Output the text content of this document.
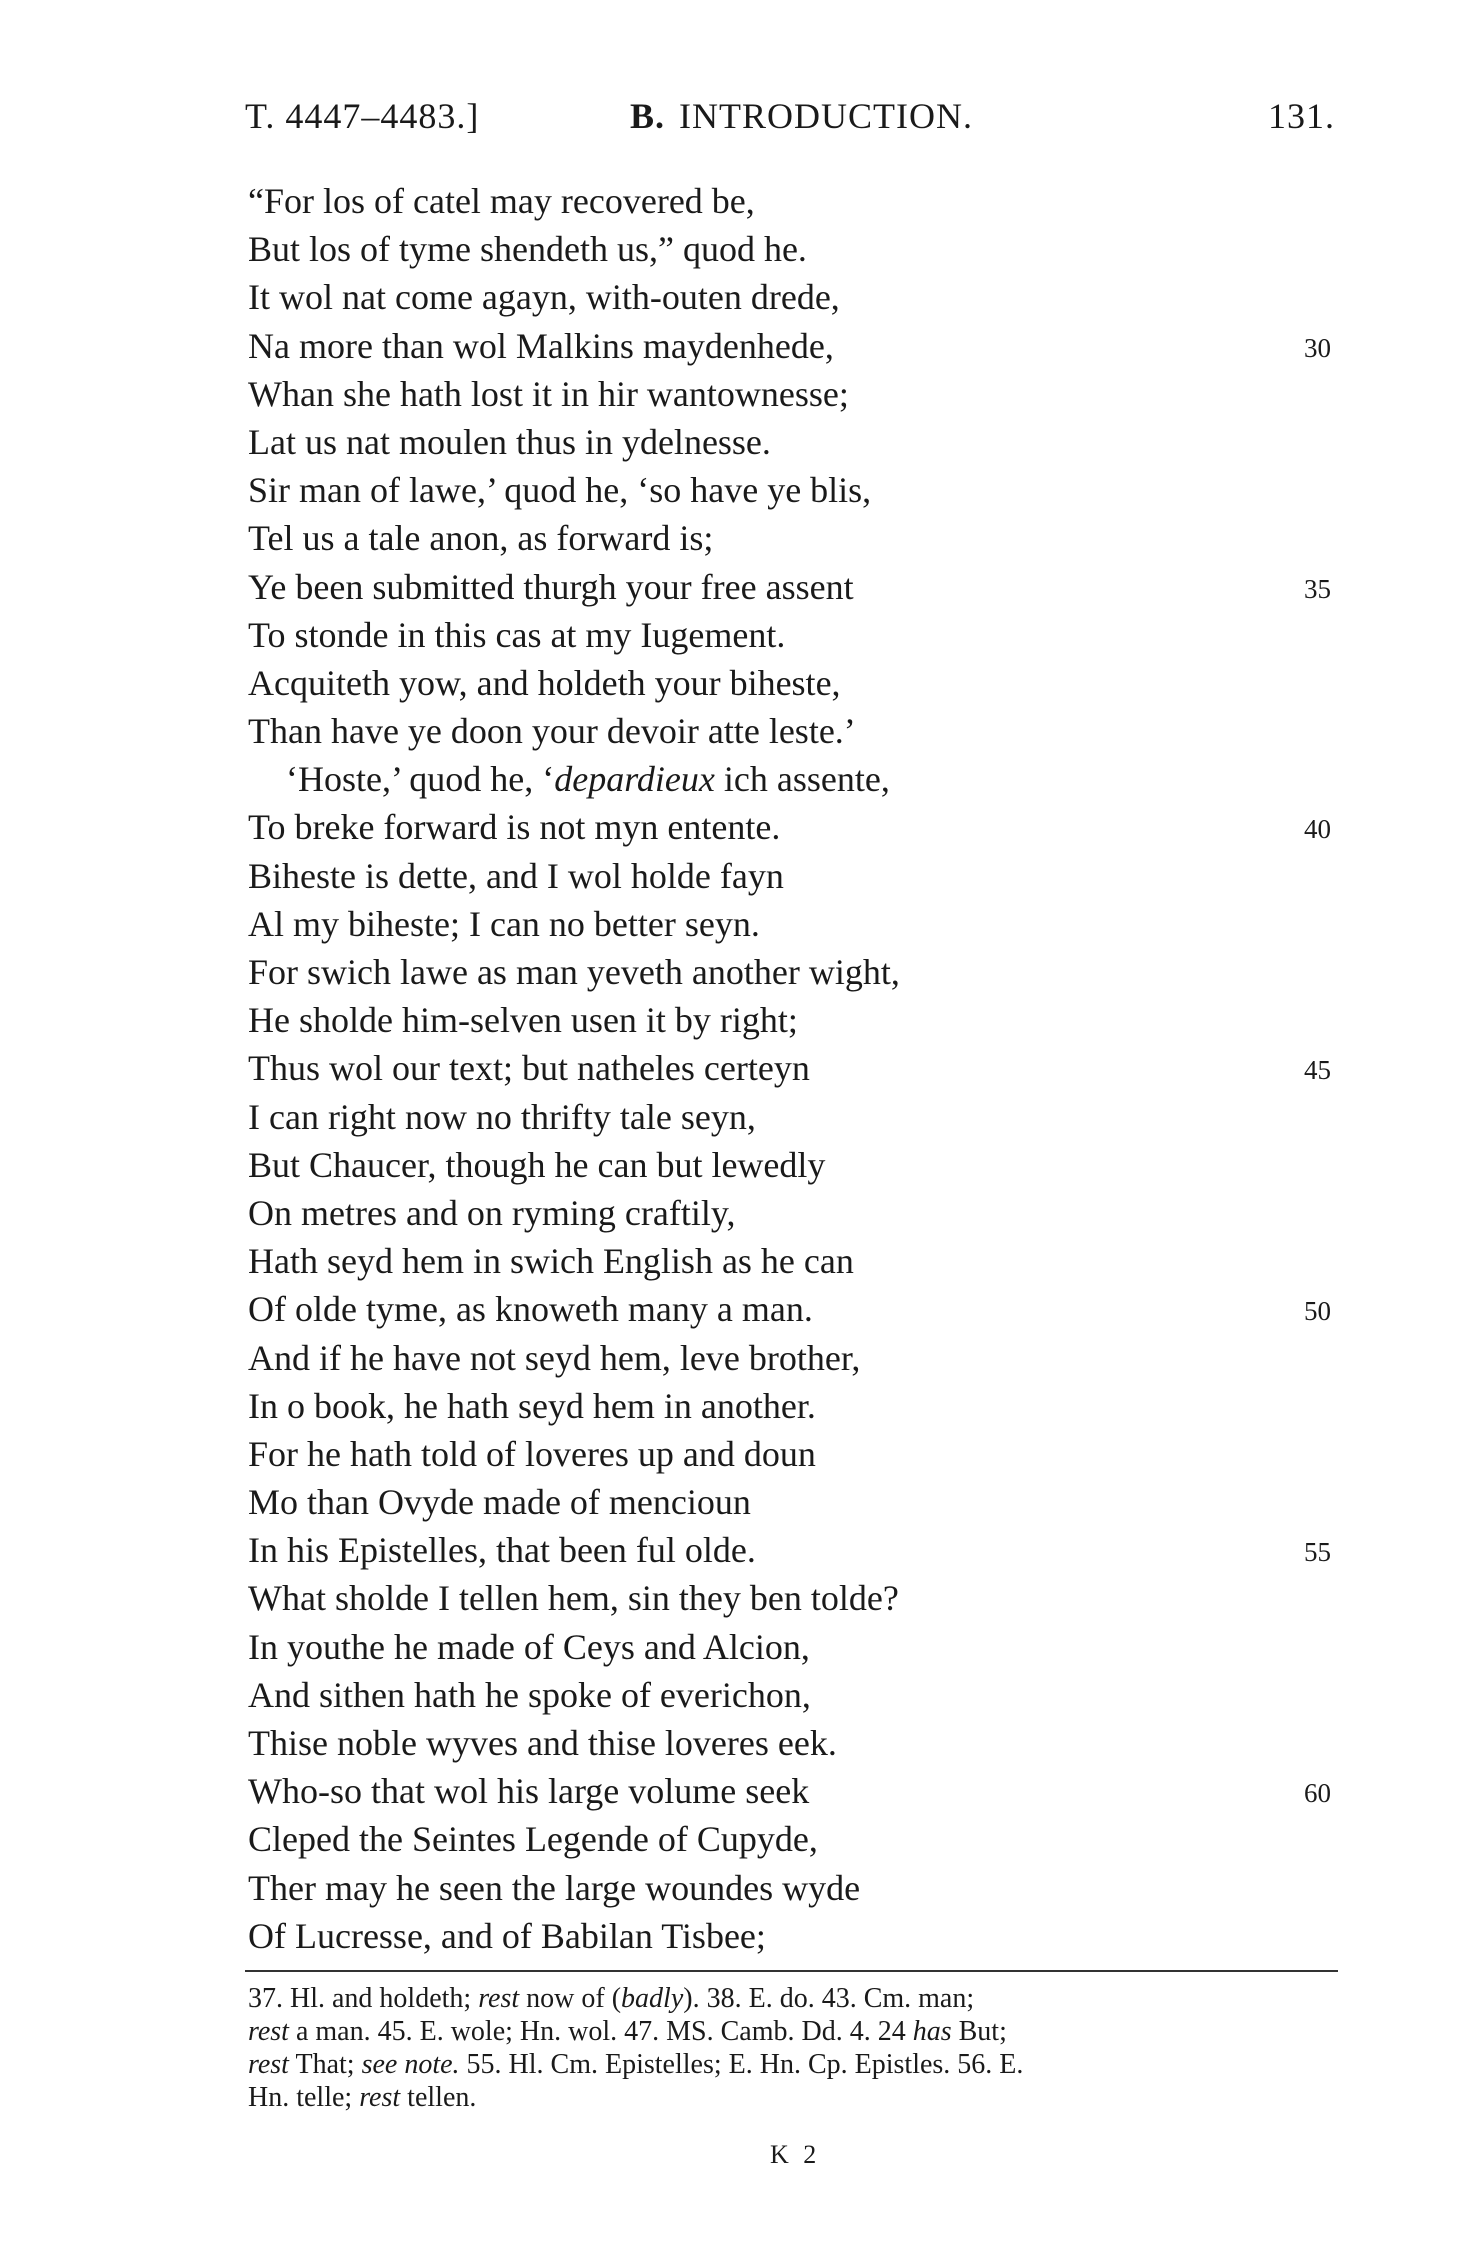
T. 4447–4483.]	B. INTRODUCTION.	131.
“For los of catel may recovered be,
But los of tyme shendeth us,” quod he.
It wol nat come agayn, with-outen drede,
Na more than wol Malkins maydenhede,	30
Whan she hath lost it in hir wantownesse;
Lat us nat moulen thus in ydelnesse.
Sir man of lawe,’ quod he, ‘so have ye blis,
Tel us a tale anon, as forward is;
Ye been submitted thurgh your free assent	35
To stonde in this cas at my Iugement.
Acquiteth yow, and holdeth your biheste,
Than have ye doon your devoir atte leste.’
‘Hoste,’ quod he, ‘depardieux ich assente,
To breke forward is not myn entente.	40
Biheste is dette, and I wol holde fayn
Al my biheste; I can no better seyn.
For swich lawe as man yeveth another wight,
He sholde him-selven usen it by right;
Thus wol our text; but natheles certeyn	45
I can right now no thrifty tale seyn,
But Chaucer, though he can but lewedly
On metres and on ryming craftily,
Hath seyd hem in swich English as he can
Of olde tyme, as knoweth many a man.	50
And if he have not seyd hem, leve brother,
In o book, he hath seyd hem in another.
For he hath told of loveres up and doun
Mo than Ovyde made of mencioun
In his Epistelles, that been ful olde.	55
What sholde I tellen hem, sin they ben tolde?
In youthe he made of Ceys and Alcion,
And sithen hath he spoke of everichon,
Thise noble wyves and thise loveres eek.
Who-so that wol his large volume seek	60
Cleped the Seintes Legende of Cupyde,
Ther may he seen the large woundes wyde
Of Lucresse, and of Babilan Tisbee;

37. Hl. and holdeth; rest now of (badly). 38. E. do. 43. Cm. man;

rest a man. 45. E. wole; Hn. wol. 47. MS. Camb. Dd. 4. 24 has But;

rest That; see note. 55. Hl. Cm. Epistelles; E. Hn. Cp. Epistles. 56. E.

Hn. telle; rest tellen.

K 2
